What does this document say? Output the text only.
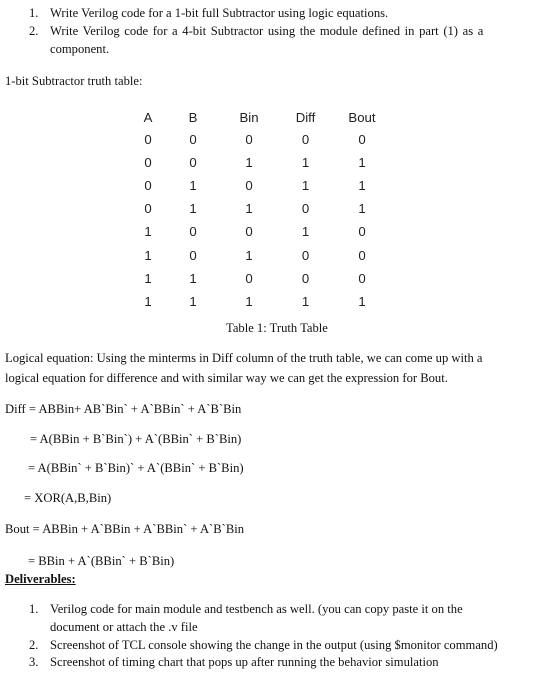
1. Write Verilog code for a 1-bit full Subtractor using logic equations.
2. Write Verilog code for a 4-bit Subtractor using the module defined in part (1) as a
component.
1-bit Subtractor truth table:
A	B	Bin	Diff	Bout
0	0	0	0	0
0	0	1	1	1
0	1	0	1	1
0	1	1	0	1
1	0	0	1	0
1	0	1	0	0
1	1	0	0	0
1	1	1	1	1
Table 1: Truth Table
Logical equation: Using the minterms in Diff column of the truth table, we can come up with a
logical equation for difference and with similar way we can get the expression for Bout.
Diff = ABBin+ AB`Bin` + A`BBin` + A`B`Bin
= A(BBin + B`Bin`) + A`(BBin` + B`Bin)
= A(BBin` + B`Bin)` + A`(BBin` + B`Bin)
= XOR(A,B,Bin)
Bout = ABBin + A`BBin + A`BBin` + A`B`Bin
= BBin + A`(BBin` + B`Bin)
Deliverables:
1. Verilog code for main module and testbench as well. (you can copy paste it on the
document or attach the .v file
2. Screenshot of TCL console showing the change in the output (using $monitor command)
3. Screenshot of timing chart that pops up after running the behavior simulation
